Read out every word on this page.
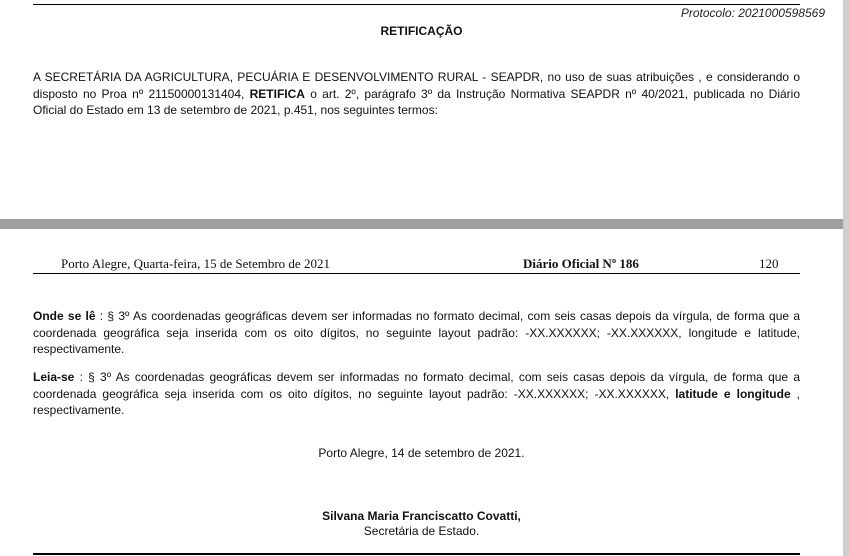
Protocolo: 2021000598569
RETIFICAÇÃO
A SECRETÁRIA DA AGRICULTURA, PECUÁRIA E DESENVOLVIMENTO RURAL - SEAPDR, no uso de suas atribuições , e considerando o disposto no Proa nº 21150000131404, RETIFICA o art. 2º, parágrafo 3º da Instrução Normativa SEAPDR nº 40/2021, publicada no Diário Oficial do Estado em 13 de setembro de 2021, p.451, nos seguintes termos:
Porto Alegre, Quarta-feira, 15 de Setembro de 2021	Diário Oficial Nº 186	120
Onde se lê : § 3º As coordenadas geográficas devem ser informadas no formato decimal, com seis casas depois da vírgula, de forma que a coordenada geográfica seja inserida com os oito dígitos, no seguinte layout padrão: -XX.XXXXXX; -XX.XXXXXX, longitude e latitude, respectivamente.
Leia-se : § 3º As coordenadas geográficas devem ser informadas no formato decimal, com seis casas depois da vírgula, de forma que a coordenada geográfica seja inserida com os oito dígitos, no seguinte layout padrão: -XX.XXXXXX; -XX.XXXXXX, latitude e longitude , respectivamente.
Porto Alegre, 14 de setembro de 2021.
Silvana Maria Franciscatto Covatti,
Secretária de Estado.
